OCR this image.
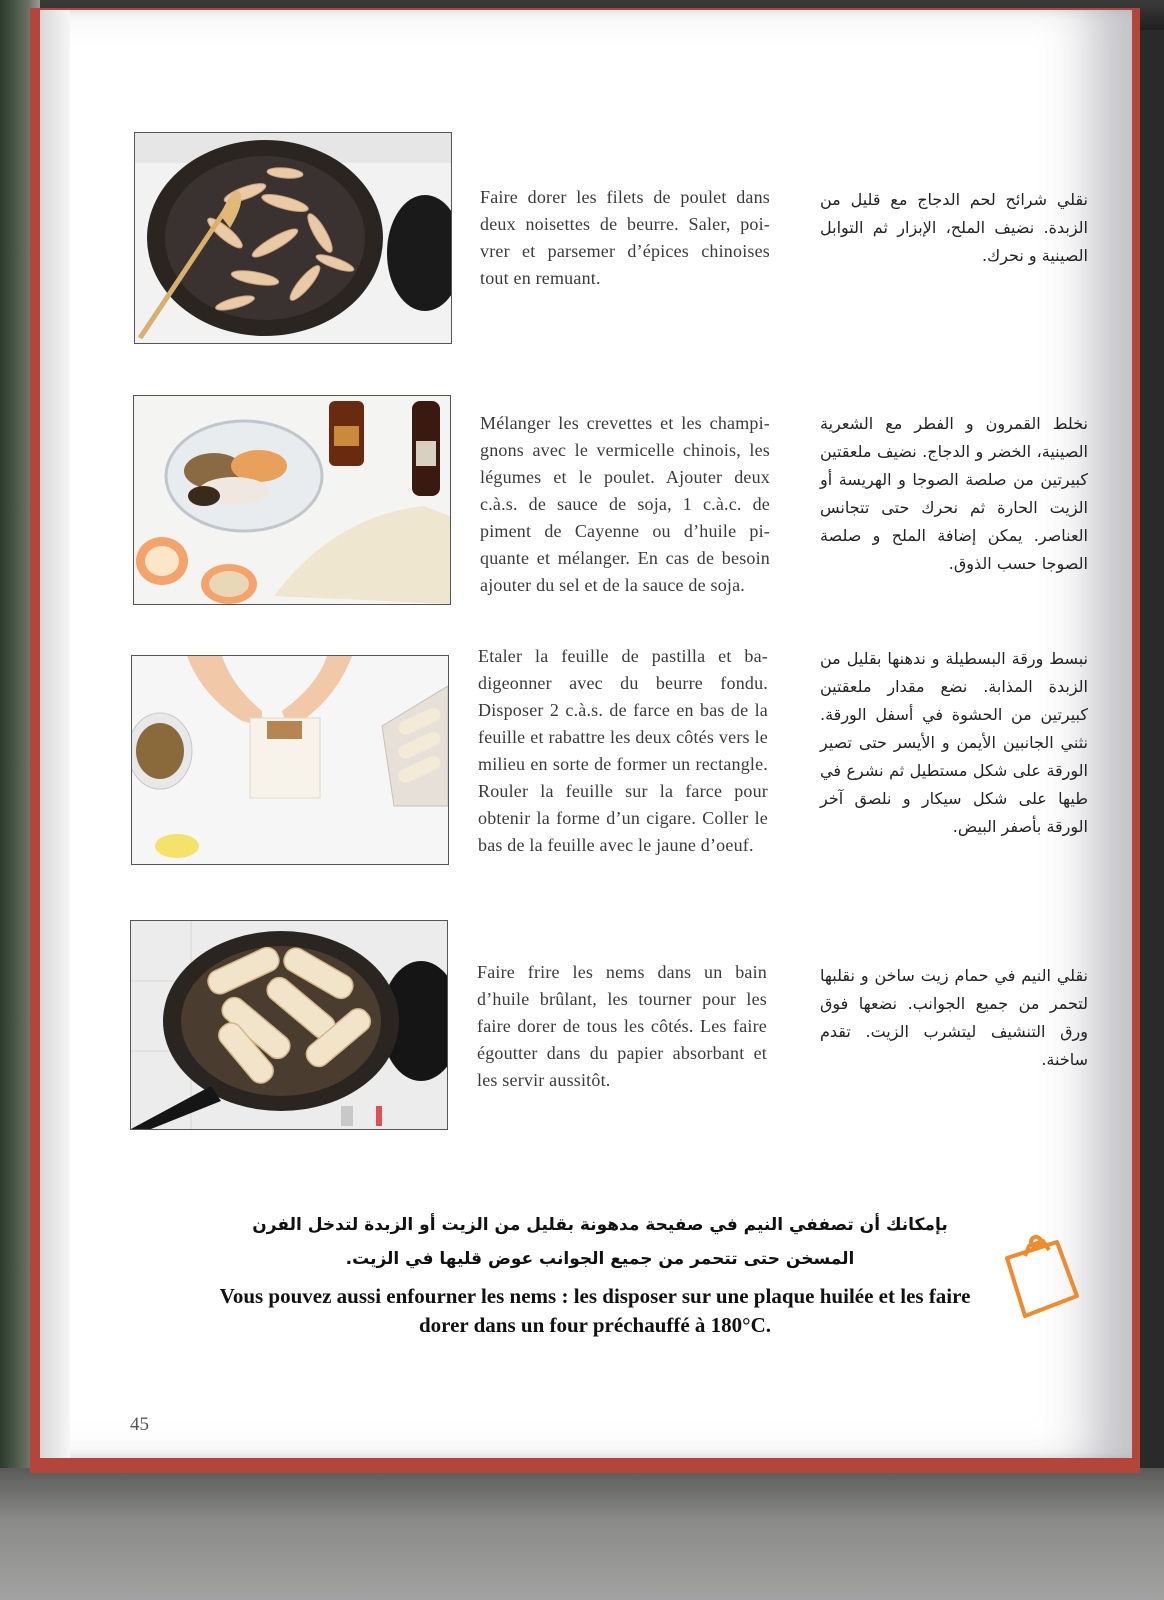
Faire dorer les filets de poulet dans deux noisettes de beurre. Saler, poi-vrer et parsemer d’épices chinoises tout en remuant.
نقلي شرائح لحم الدجاج مع قليل من الزبدة. نضيف الملح، الإبزار ثم التوابل الصينية و نحرك.
Mélanger les crevettes et les champi-gnons avec le vermicelle chinois, les légumes et le poulet. Ajouter deux c.à.s. de sauce de soja, 1 c.à.c. de piment de Cayenne ou d’huile pi-quante et mélanger. En cas de besoin ajouter du sel et de la sauce de soja.
نخلط القمرون و الفطر مع الشعرية الصينية، الخضر و الدجاج. نضيف ملعقتين كبيرتين من صلصة الصوجا و الهريسة أو الزيت الحارة ثم نحرك حتى تتجانس العناصر. يمكن إضافة الملح و صلصة الصوجا حسب الذوق.
Etaler la feuille de pastilla et ba-digeonner avec du beurre fondu. Disposer 2 c.à.s. de farce en bas de la feuille et rabattre les deux côtés vers le milieu en sorte de former un rectangle. Rouler la feuille sur la farce pour obtenir la forme d’un cigare. Coller le bas de la feuille avec le jaune d’oeuf.
نبسط ورقة البسطيلة و ندهنها بقليل من الزبدة المذابة. نضع مقدار ملعقتين كبيرتين من الحشوة في أسفل الورقة. نثني الجانبين الأيمن و الأيسر حتى تصير الورقة على شكل مستطيل ثم نشرع في طيها على شكل سيكار و نلصق آخر الورقة بأصفر البيض.
Faire frire les nems dans un bain d’huile brûlant, les tourner pour les faire dorer de tous les côtés. Les faire égoutter dans du papier absorbant et les servir aussitôt.
نقلي النيم في حمام زيت ساخن و نقلبها لتحمر من جميع الجوانب. نضعها فوق ورق التنشيف ليتشرب الزيت. تقدم ساخنة.
بإمكانك أن تصففي النيم في صفيحة مدهونة بقليل من الزيت أو الزبدة لتدخل الفرن
المسخن حتى تتحمر من جميع الجوانب عوض قليها في الزيت.
Vous pouvez aussi enfourner les nems : les disposer sur une plaque huilée et les faire dorer dans un four préchauffé à 180°C.
45
